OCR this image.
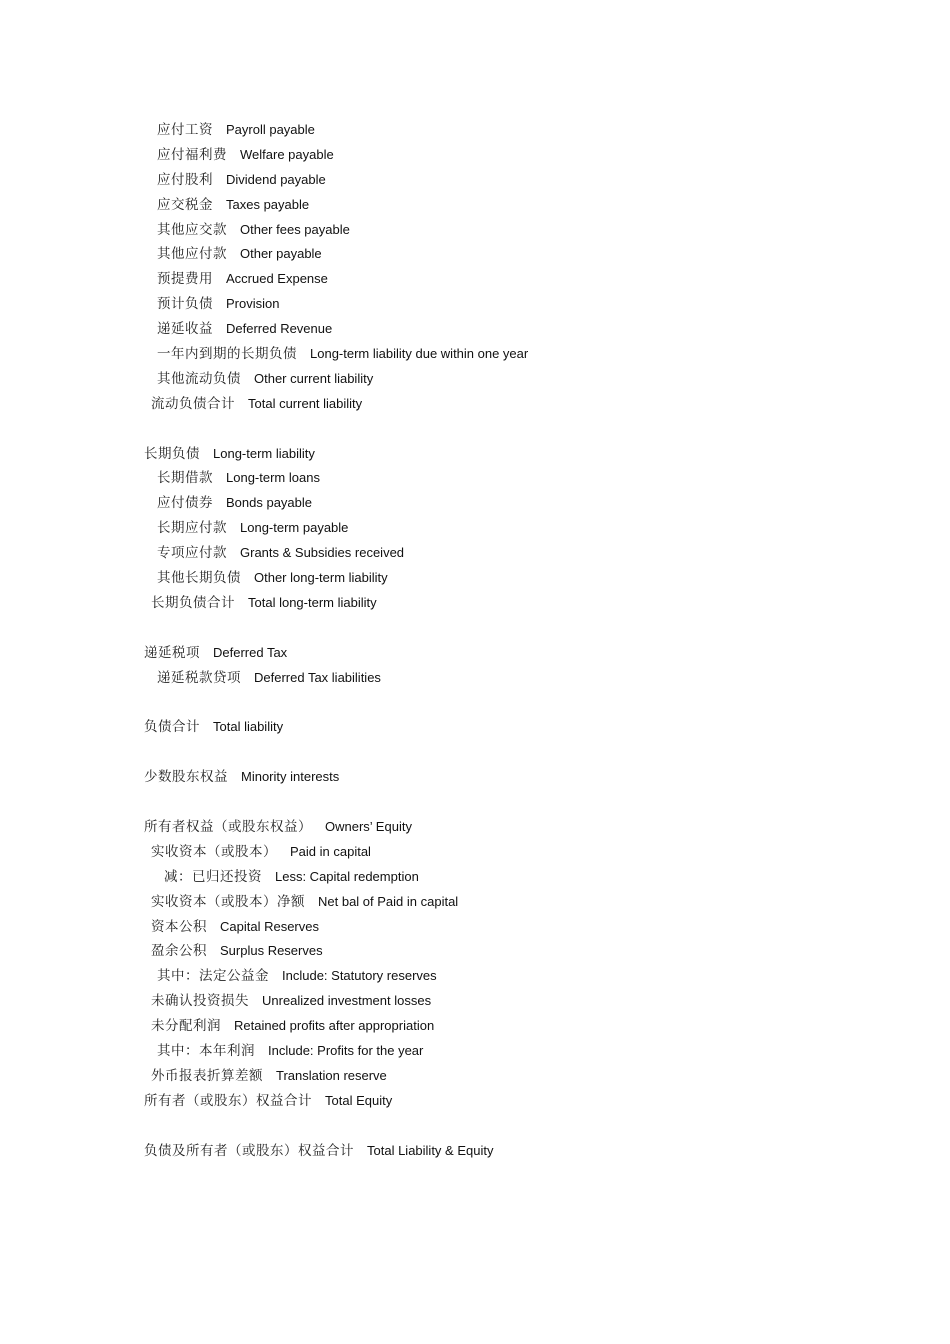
应付工资 Payroll payable
应付福利费 Welfare payable
应付股利 Dividend payable
应交税金 Taxes payable
其他应交款 Other fees payable
其他应付款 Other payable
预提费用 Accrued Expense
预计负债 Provision
递延收益 Deferred Revenue
一年内到期的长期负债 Long-term liability due within one year
其他流动负债 Other current liability
流动负债合计 Total current liability
长期负债 Long-term liability
长期借款 Long-term loans
应付债券 Bonds payable
长期应付款 Long-term payable
专项应付款 Grants & Subsidies received
其他长期负债 Other long-term liability
长期负债合计 Total long-term liability
递延税项 Deferred Tax
递延税款贷项 Deferred Tax liabilities
负债合计 Total liability
少数股东权益 Minority interests
所有者权益（或股东权益） Owners’ Equity
实收资本（或股本） Paid in capital
减：已归还投资 Less: Capital redemption
实收资本（或股本）净额 Net bal of Paid in capital
资本公积 Capital Reserves
盈余公积 Surplus Reserves
其中：法定公益金 Include: Statutory reserves
未确认投资损失 Unrealized investment losses
未分配利润 Retained profits after appropriation
其中：本年利润 Include: Profits for the year
外币报表折算差额 Translation reserve
所有者（或股东）权益合计 Total Equity
负债及所有者（或股东）权益合计 Total Liability & Equity
